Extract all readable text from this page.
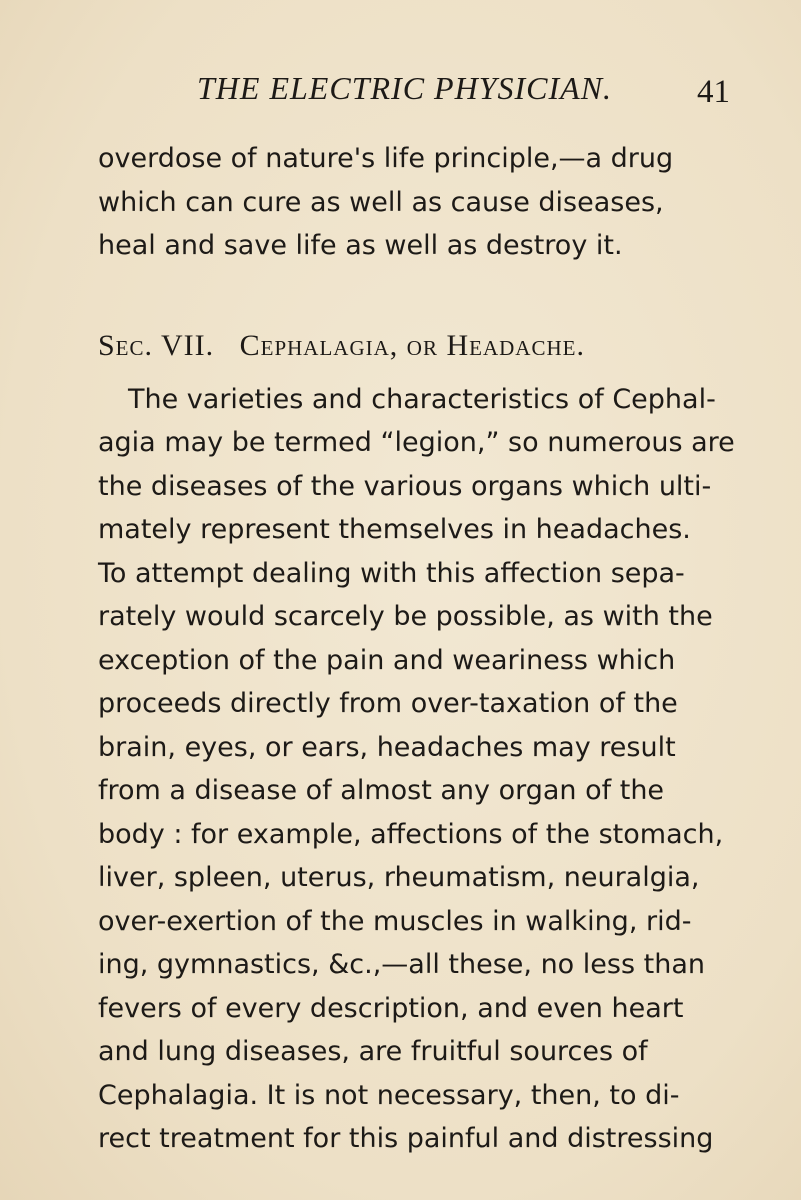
THE ELECTRIC PHYSICIAN.	41
overdose of nature's life principle,—a drug
which can cure as well as cause diseases,
heal and save life as well as destroy it.
Sec. VII. Cephalagia, or Headache.
The varieties and characteristics of Cephal-
agia may be termed “legion,” so numerous are
the diseases of the various organs which ulti-
mately represent themselves in headaches.
To attempt dealing with this affection sepa-
rately would scarcely be possible, as with the
exception of the pain and weariness which
proceeds directly from over-taxation of the
brain, eyes, or ears, headaches may result
from a disease of almost any organ of the
body : for example, affections of the stomach,
liver, spleen, uterus, rheumatism, neuralgia,
over-exertion of the muscles in walking, rid-
ing, gymnastics, &c.,—all these, no less than
fevers of every description, and even heart
and lung diseases, are fruitful sources of
Cephalagia. It is not necessary, then, to di-
rect treatment for this painful and distressing
